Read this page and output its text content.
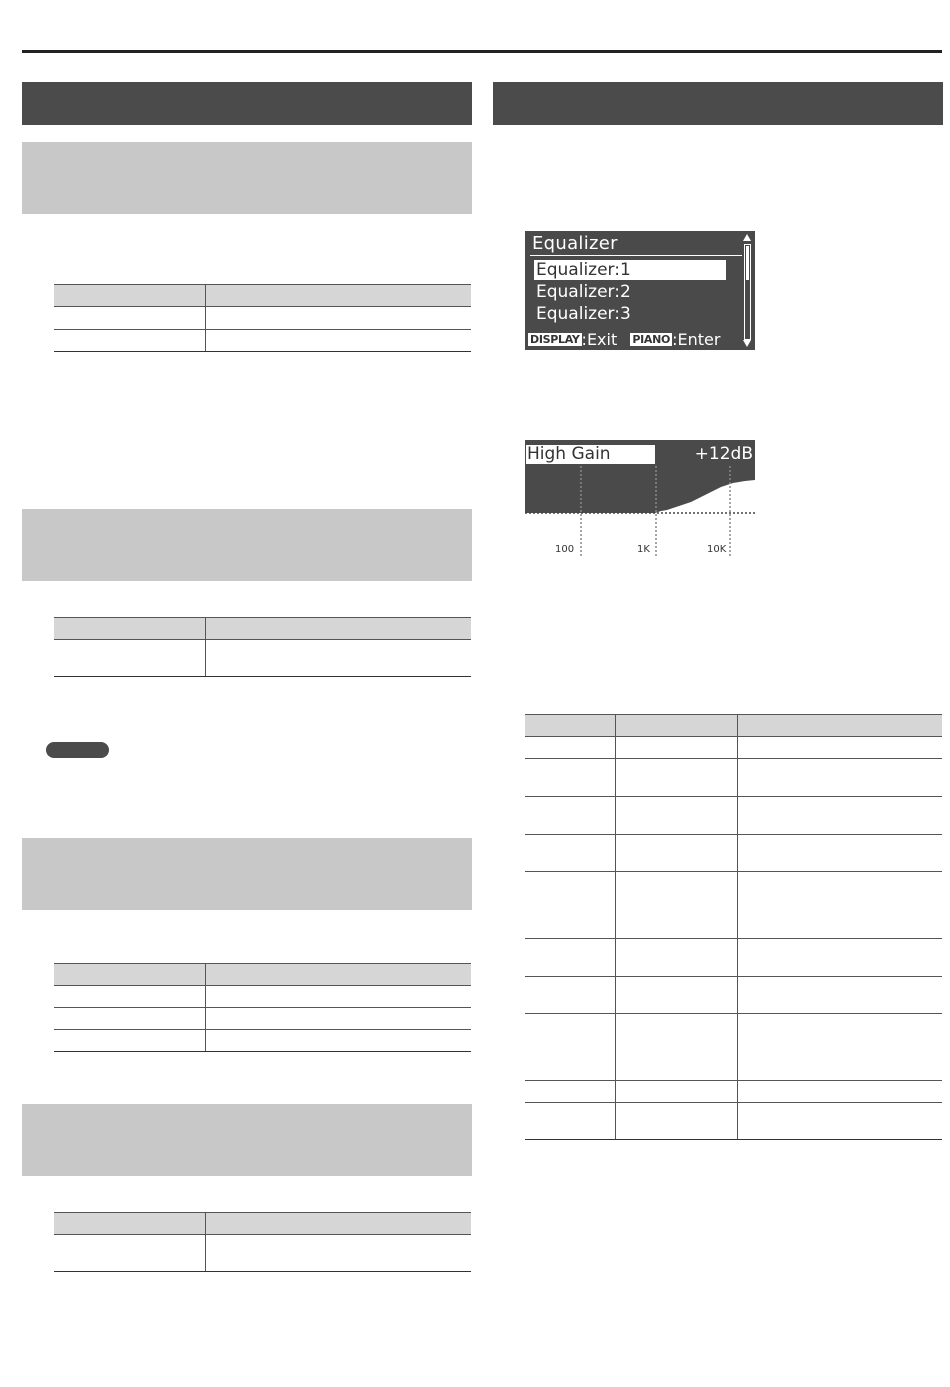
Equalizer
Equalizer:1
Equalizer:2
Equalizer:3
DISPLAY :Exit PIANO :Enter
100	1K	10K
High Gain	+12dB
